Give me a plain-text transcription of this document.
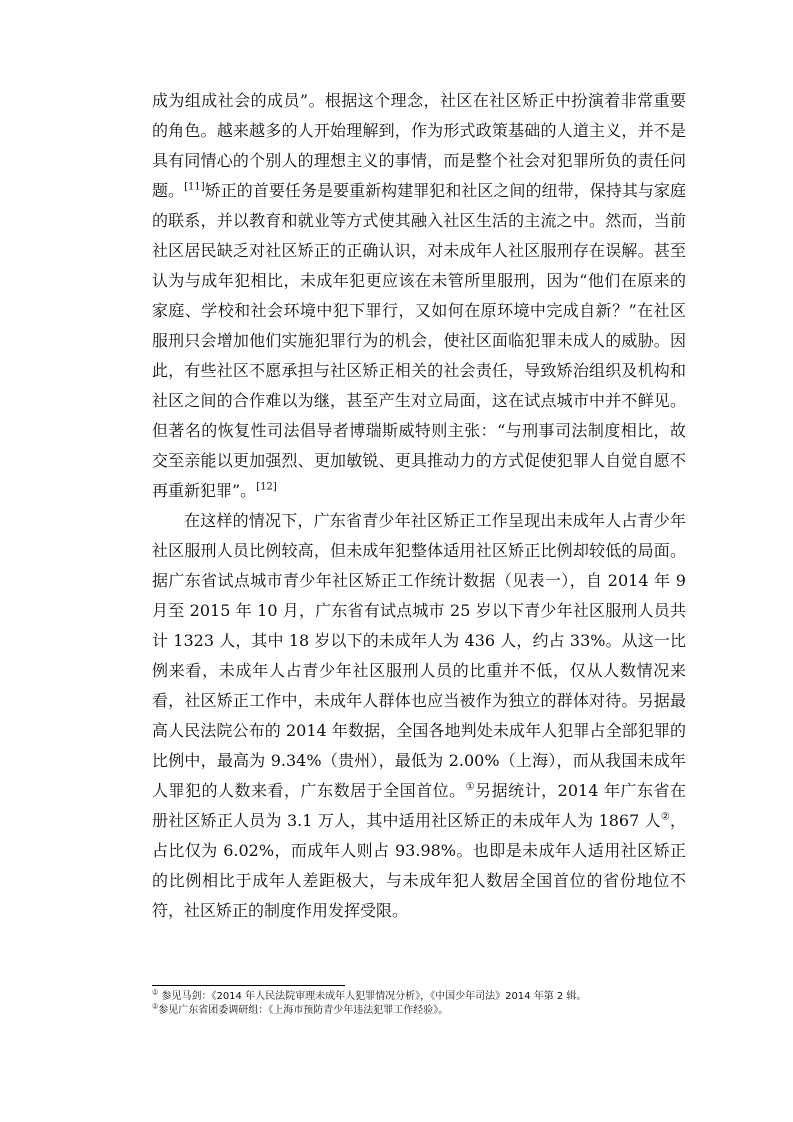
成为组成社会的成员”。根据这个理念，社区在社区矫正中扮演着非常重要的角色。越来越多的人开始理解到，作为形式政策基础的人道主义，并不是具有同情心的个别人的理想主义的事情，而是整个社会对犯罪所负的责任问题。[11]矫正的首要任务是要重新构建罪犯和社区之间的纽带，保持其与家庭的联系，并以教育和就业等方式使其融入社区生活的主流之中。然而，当前社区居民缺乏对社区矫正的正确认识，对未成年人社区服刑存在误解。甚至认为与成年犯相比，未成年犯更应该在未管所里服刑，因为“他们在原来的家庭、学校和社会环境中犯下罪行，又如何在原环境中完成自新？”在社区服刑只会增加他们实施犯罪行为的机会，使社区面临犯罪未成人的威胁。因此，有些社区不愿承担与社区矫正相关的社会责任，导致矫治组织及机构和社区之间的合作难以为继，甚至产生对立局面，这在试点城市中并不鲜见。但著名的恢复性司法倡导者博瑞斯威特则主张：“与刑事司法制度相比，故交至亲能以更加强烈、更加敏锐、更具推动力的方式促使犯罪人自觉自愿不再重新犯罪”。[12]

在这样的情况下，广东省青少年社区矫正工作呈现出未成年人占青少年社区服刑人员比例较高，但未成年犯整体适用社区矫正比例却较低的局面。据广东省试点城市青少年社区矫正工作统计数据（见表一），自 2014 年 9 月至 2015 年 10 月，广东省有试点城市 25 岁以下青少年社区服刑人员共计 1323 人，其中 18 岁以下的未成年人为 436 人，约占 33%。从这一比例来看，未成年人占青少年社区服刑人员的比重并不低，仅从人数情况来看，社区矫正工作中，未成年人群体也应当被作为独立的群体对待。另据最高人民法院公布的 2014 年数据，全国各地判处未成年人犯罪占全部犯罪的比例中，最高为 9.34%（贵州），最低为 2.00%（上海），而从我国未成年人罪犯的人数来看，广东数居于全国首位。①另据统计，2014 年广东省在册社区矫正人员为 3.1 万人，其中适用社区矫正的未成年人为 1867 人②，占比仅为 6.02%，而成年人则占 93.98%。也即是未成年人适用社区矫正的比例相比于成年人差距极大，与未成年犯人数居全国首位的省份地位不符，社区矫正的制度作用发挥受限。

① 参见马剑：《2014 年人民法院审理未成年人犯罪情况分析》，《中国少年司法》2014 年第 2 辑。

②参见广东省团委调研组：《上海市预防青少年违法犯罪工作经验》。
